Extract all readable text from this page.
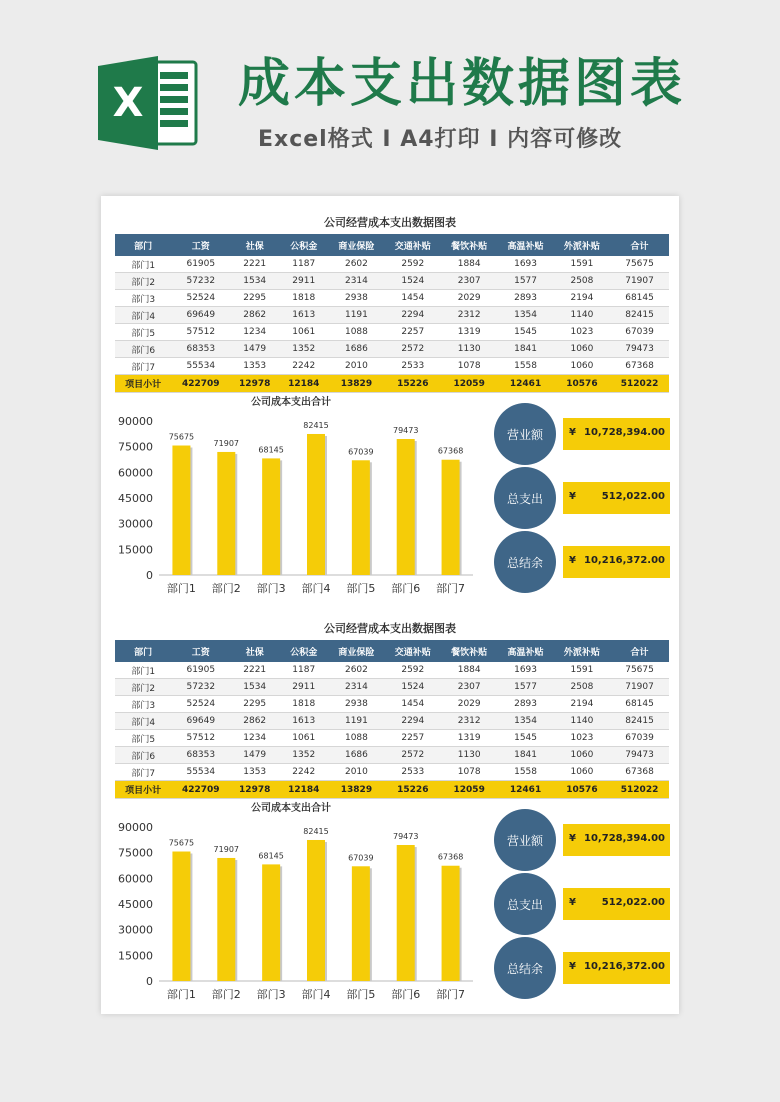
X 成本支出数据图表
Excel格式 Ⅰ A4打印 Ⅰ 内容可修改
公司经营成本支出数据图表
部门	工资	社保	公积金	商业保险	交通补贴	餐饮补贴	高温补贴	外派补贴	合计
部门1	61905	2221	1187	2602	2592	1884	1693	1591	75675
部门2	57232	1534	2911	2314	1524	2307	1577	2508	71907
部门3	52524	2295	1818	2938	1454	2029	2893	2194	68145
部门4	69649	2862	1613	1191	2294	2312	1354	1140	82415
部门5	57512	1234	1061	1088	2257	1319	1545	1023	67039
部门6	68353	1479	1352	1686	2572	1130	1841	1060	79473
部门7	55534	1353	2242	2010	2533	1078	1558	1060	67368
项目小计	422709	12978	12184	13829	15226	12059	12461	10576	512022
公司成本支出合计
0
15000
30000
45000
60000
75000
90000
75675
部门1
71907
部门2
68145
部门3
82415
部门4
67039
部门5
79473
部门6
67368
部门7
营业额	¥ 10,728,394.00
总支出	¥	512,022.00
总结余	¥ 10,216,372.00
公司经营成本支出数据图表
部门	工资	社保	公积金	商业保险	交通补贴	餐饮补贴	高温补贴	外派补贴	合计
部门1	61905	2221	1187	2602	2592	1884	1693	1591	75675
部门2	57232	1534	2911	2314	1524	2307	1577	2508	71907
部门3	52524	2295	1818	2938	1454	2029	2893	2194	68145
部门4	69649	2862	1613	1191	2294	2312	1354	1140	82415
部门5	57512	1234	1061	1088	2257	1319	1545	1023	67039
部门6	68353	1479	1352	1686	2572	1130	1841	1060	79473
部门7	55534	1353	2242	2010	2533	1078	1558	1060	67368
项目小计	422709	12978	12184	13829	15226	12059	12461	10576	512022
公司成本支出合计
0
15000
30000
45000
60000
75000
90000
75675
部门1
71907
部门2
68145
部门3
82415
部门4
67039
部门5
79473
部门6
67368
部门7
营业额	¥ 10,728,394.00
总支出	¥	512,022.00
总结余	¥ 10,216,372.00
